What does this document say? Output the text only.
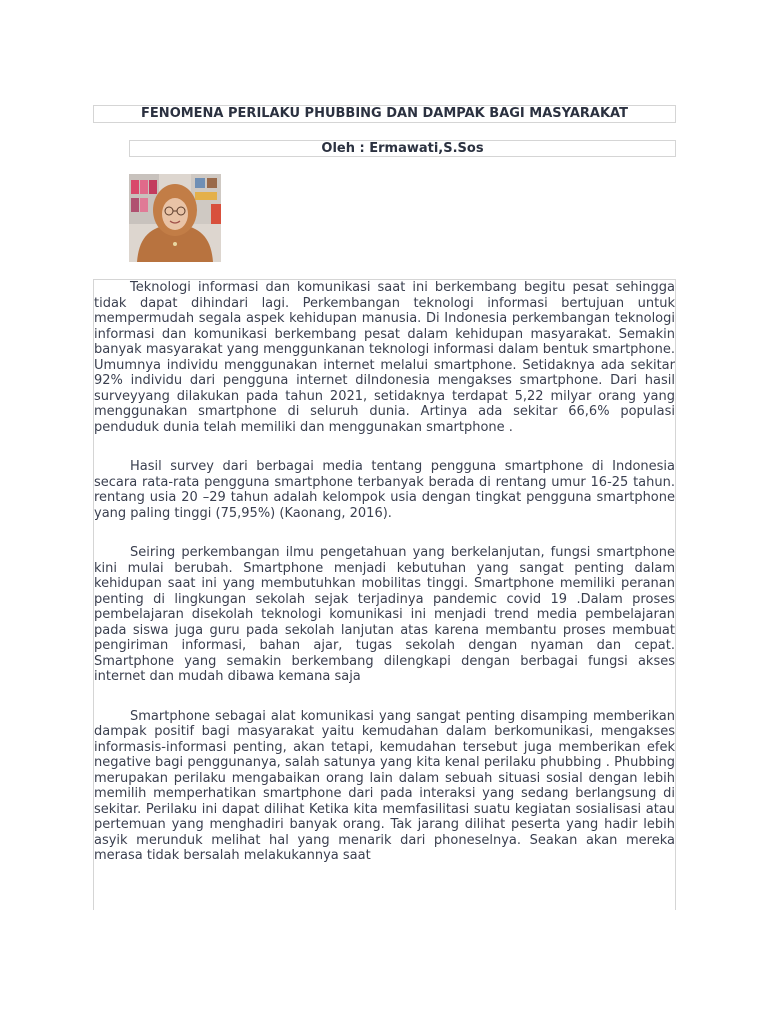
FENOMENA PERILAKU PHUBBING DAN DAMPAK BAGI MASYARAKAT
Oleh : Ermawati,S.Sos

Teknologi informasi dan komunikasi saat ini berkembang begitu pesat sehingga tidak dapat dihindari lagi. Perkembangan teknologi informasi bertujuan untuk mempermudah segala aspek kehidupan manusia. Di Indonesia perkembangan teknologi informasi dan komunikasi berkembang pesat dalam kehidupan masyarakat. Semakin banyak masyarakat yang menggunkanan teknologi informasi dalam bentuk smartphone. Umumnya individu menggunakan internet melalui smartphone. Setidaknya ada sekitar 92% individu dari pengguna internet diIndonesia mengakses smartphone. Dari hasil surveyyang dilakukan pada tahun 2021, setidaknya terdapat 5,22 milyar orang yang menggunakan smartphone di seluruh dunia. Artinya ada sekitar 66,6% populasi penduduk dunia telah memiliki dan menggunakan smartphone .

Hasil survey dari berbagai media tentang pengguna smartphone di Indonesia secara rata-rata pengguna smartphone terbanyak berada di rentang umur 16-25 tahun. rentang usia 20 –29 tahun adalah kelompok usia dengan tingkat pengguna smartphone yang paling tinggi (75,95%) (Kaonang, 2016).

Seiring perkembangan ilmu pengetahuan yang berkelanjutan, fungsi smartphone kini mulai berubah. Smartphone menjadi kebutuhan yang sangat penting dalam kehidupan saat ini yang membutuhkan mobilitas tinggi. Smartphone memiliki peranan penting di lingkungan sekolah sejak terjadinya pandemic covid 19 .Dalam proses pembelajaran disekolah teknologi komunikasi ini menjadi trend media pembelajaran pada siswa juga guru pada sekolah lanjutan atas karena membantu proses membuat pengiriman informasi, bahan ajar, tugas sekolah dengan nyaman dan cepat. Smartphone yang semakin berkembang dilengkapi dengan berbagai fungsi akses internet dan mudah dibawa kemana saja

Smartphone sebagai alat komunikasi yang sangat penting disamping memberikan dampak positif bagi masyarakat yaitu kemudahan dalam berkomunikasi, mengakses informasis-informasi penting, akan tetapi, kemudahan tersebut juga memberikan efek negative bagi penggunanya, salah satunya yang kita kenal perilaku phubbing . Phubbing merupakan perilaku mengabaikan orang lain dalam sebuah situasi sosial dengan lebih memilih memperhatikan smartphone dari pada interaksi yang sedang berlangsung di sekitar. Perilaku ini dapat dilihat Ketika kita memfasilitasi suatu kegiatan sosialisasi atau pertemuan yang menghadiri banyak orang. Tak jarang dilihat peserta yang hadir lebih asyik merunduk melihat hal yang menarik dari phoneselnya. Seakan akan mereka merasa tidak bersalah melakukannya saat
